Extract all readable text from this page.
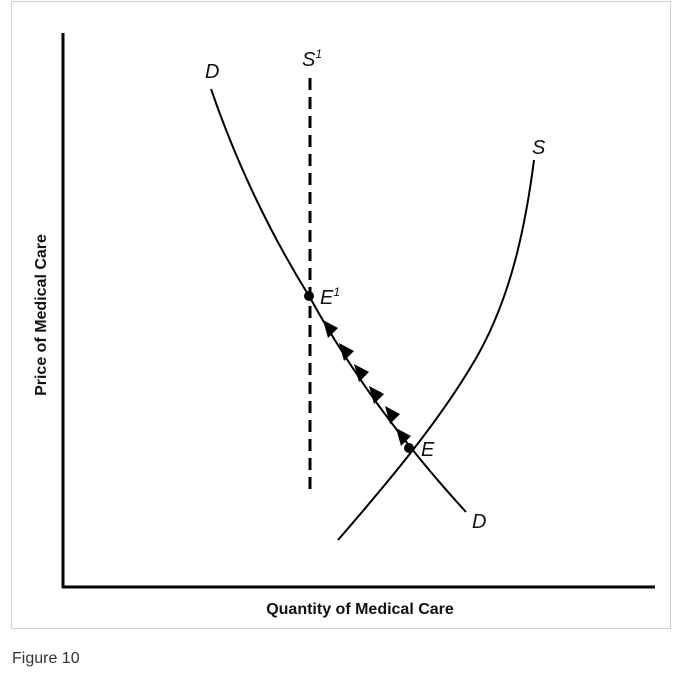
Quantity of Medical Care
Price of Medical Care
D
D
S
$S^1$
$E^1$
E
Figure 10
